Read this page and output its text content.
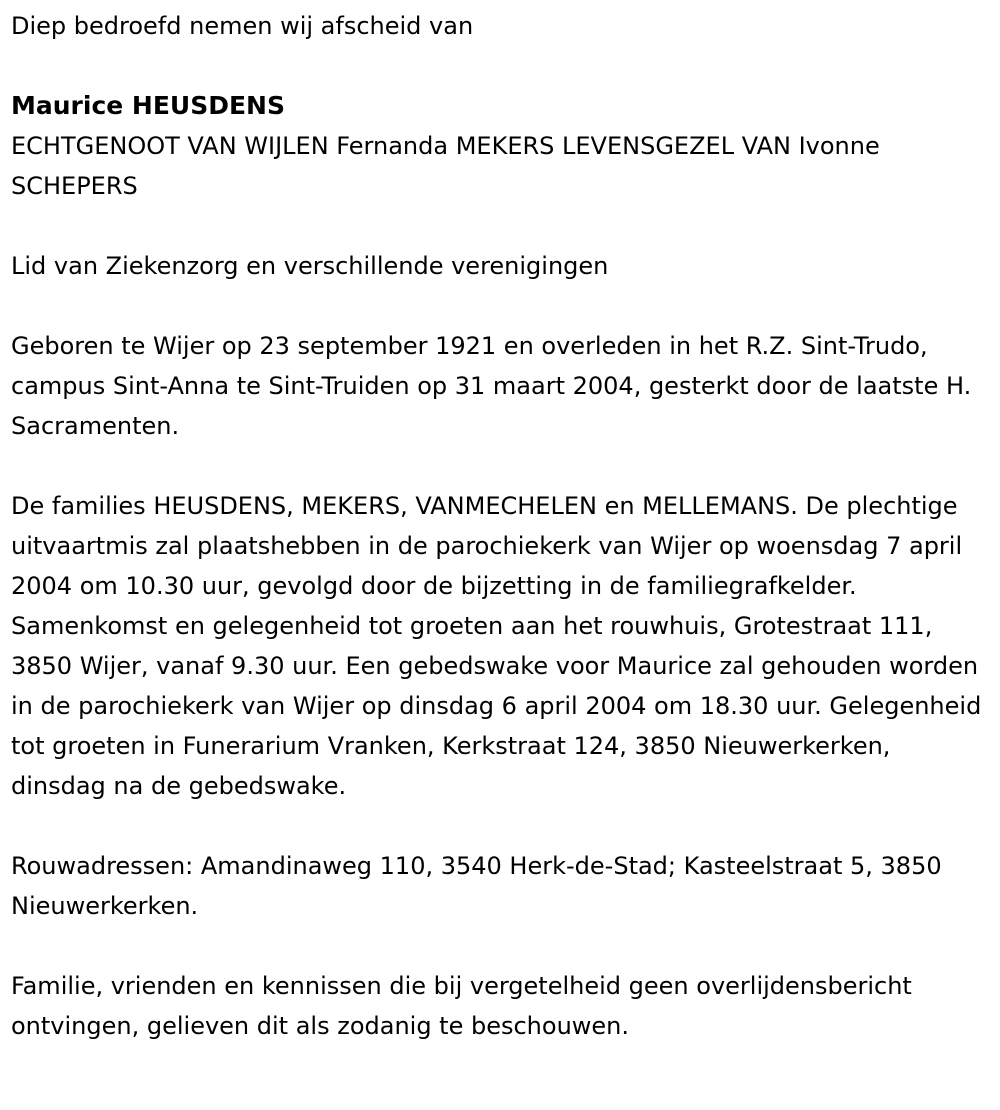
Diep bedroefd nemen wij afscheid van

Maurice HEUSDENS

ECHTGENOOT VAN WIJLEN Fernanda MEKERS LEVENSGEZEL VAN Ivonne SCHEPERS

Lid van Ziekenzorg en verschillende verenigingen

Geboren te Wijer op 23 september 1921 en overleden in het R.Z. Sint-Trudo, campus Sint-Anna te Sint-Truiden op 31 maart 2004, gesterkt door de laatste H. Sacramenten.

De families HEUSDENS, MEKERS, VANMECHELEN en MELLEMANS. De plechtige uitvaartmis zal plaatshebben in de parochiekerk van Wijer op woensdag 7 april 2004 om 10.30 uur, gevolgd door de bijzetting in de familiegrafkelder. Samenkomst en gelegenheid tot groeten aan het rouwhuis, Grotestraat 111, 3850 Wijer, vanaf 9.30 uur. Een gebedswake voor Maurice zal gehouden worden in de parochiekerk van Wijer op dinsdag 6 april 2004 om 18.30 uur. Gelegenheid tot groeten in Funerarium Vranken, Kerkstraat 124, 3850 Nieuwerkerken, dinsdag na de gebedswake.

Rouwadressen: Amandinaweg 110, 3540 Herk-de-Stad; Kasteelstraat 5, 3850 Nieuwerkerken.

Familie, vrienden en kennissen die bij vergetelheid geen overlijdensbericht ontvingen, gelieven dit als zodanig te beschouwen.
